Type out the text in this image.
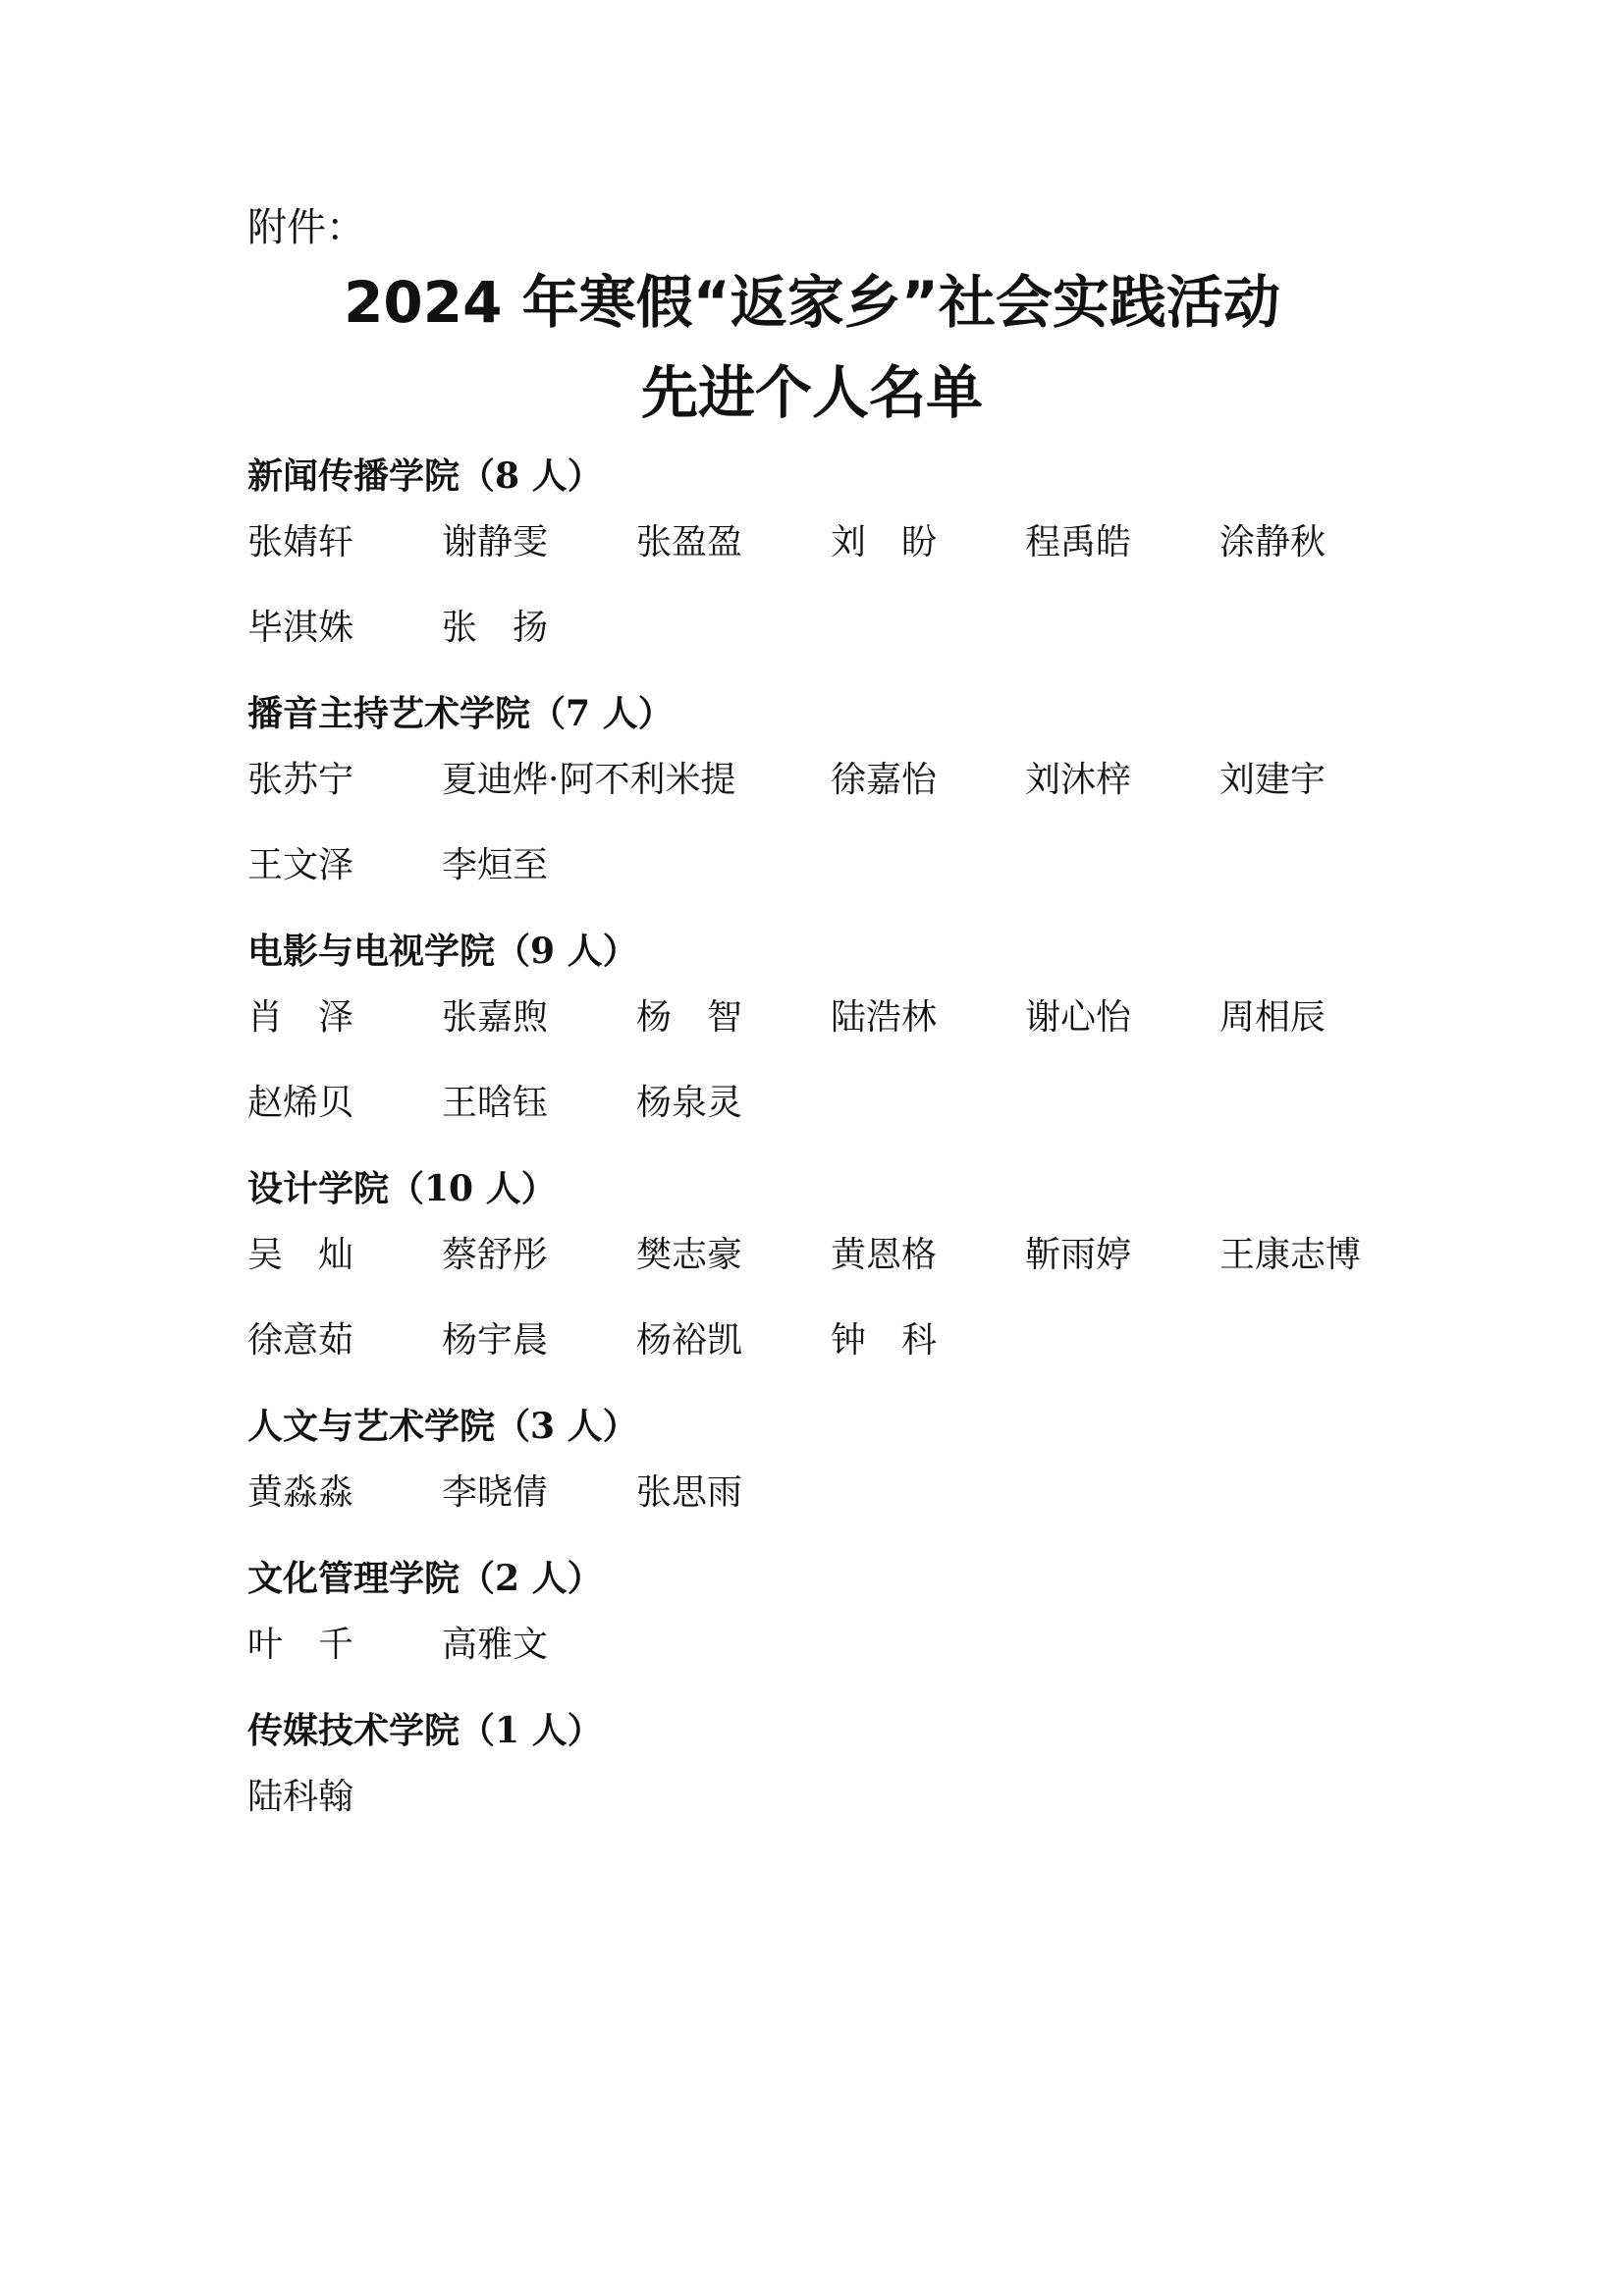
附件：
2024 年寒假“返家乡”社会实践活动
先进个人名单
新闻传播学院（8 人）
张婧轩 谢静雯 张盈盈 刘　盼 程禹皓 涂静秋
毕淇姝 张　扬
播音主持艺术学院（7 人）
张苏宁 夏迪烨·阿不利米提	徐嘉怡 刘沐梓 刘建宇
王文泽 李烜至
电影与电视学院（9 人）
肖　泽 张嘉煦 杨　智 陆浩林 谢心怡 周相辰
赵烯贝 王晗钰 杨泉灵
设计学院（10 人）
吴　灿 蔡舒彤 樊志豪 黄恩格 靳雨婷 王康志博
徐意茹 杨宇晨 杨裕凯 钟　科
人文与艺术学院（3 人）
黄淼淼 李晓倩 张思雨
文化管理学院（2 人）
叶　千 高雅文
传媒技术学院（1 人）
陆科翰
